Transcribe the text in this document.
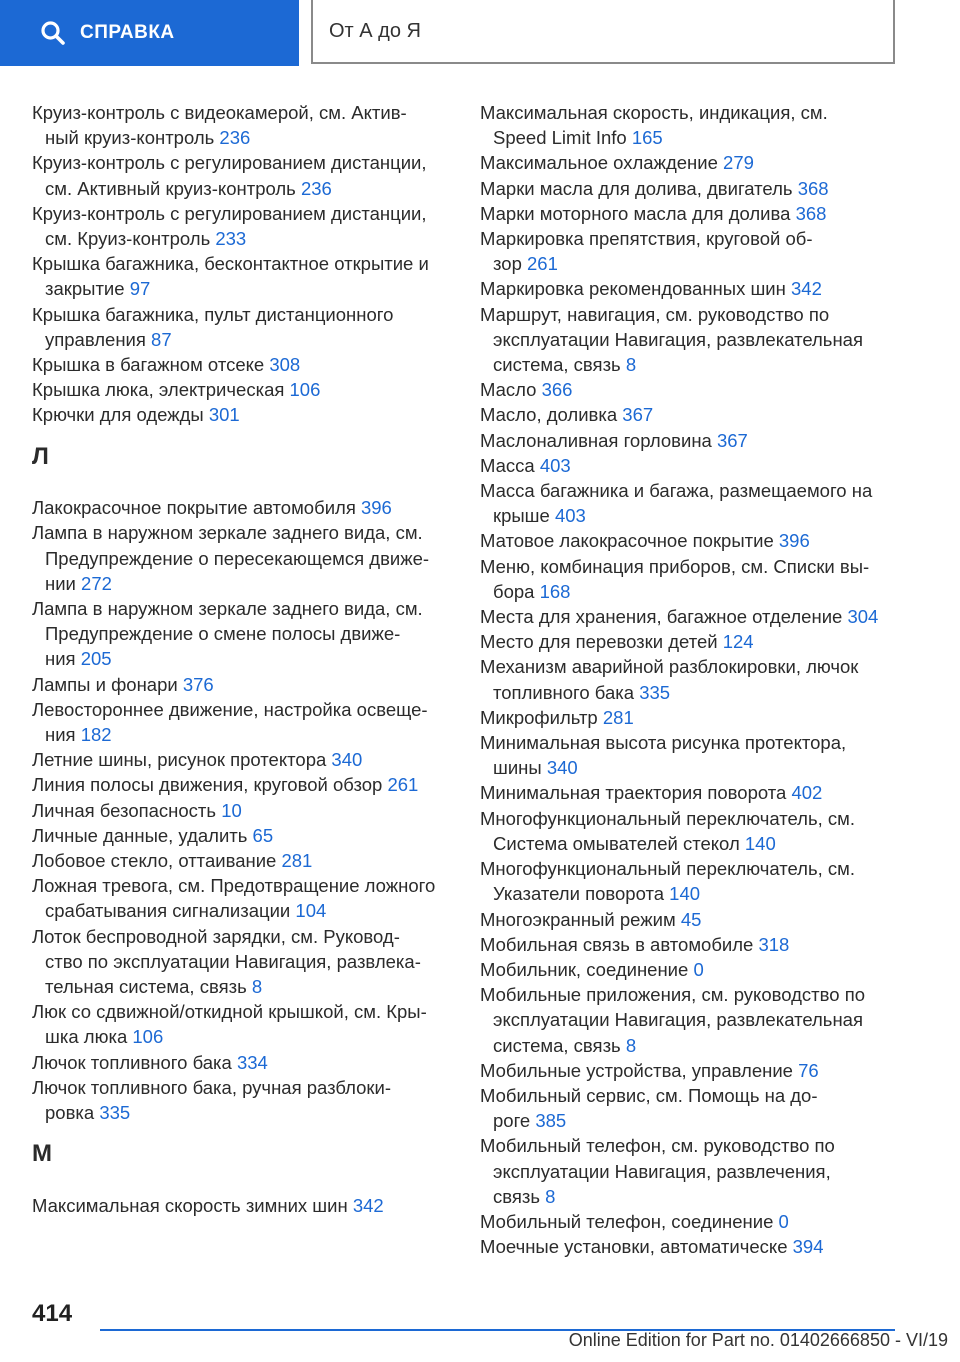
СПРАВКА	От А до Я
Круиз-контроль с видеокамерой, см. Актив-
ный круиз-контроль 236
Круиз-контроль с регулированием дистанции,
см. Активный круиз-контроль 236
Круиз-контроль с регулированием дистанции,
см. Круиз-контроль 233
Крышка багажника, бесконтактное открытие и
закрытие 97
Крышка багажника, пульт дистанционного
управления 87
Крышка в багажном отсеке 308
Крышка люка, электрическая 106
Крючки для одежды 301
Л
Лакокрасочное покрытие автомобиля 396
Лампа в наружном зеркале заднего вида, см.
Предупреждение о пересекающемся движе-
нии 272
Лампа в наружном зеркале заднего вида, см.
Предупреждение о смене полосы движе-
ния 205
Лампы и фонари 376
Левостороннее движение, настройка освеще-
ния 182
Летние шины, рисунок протектора 340
Линия полосы движения, круговой обзор 261
Личная безопасность 10
Личные данные, удалить 65
Лобовое стекло, оттаивание 281
Ложная тревога, см. Предотвращение ложного
срабатывания сигнализации 104
Лоток беспроводной зарядки, см. Руковод-
ство по эксплуатации Навигация, развлека-
тельная система, связь 8
Люк со сдвижной/откидной крышкой, см. Кры-
шка люка 106
Лючок топливного бака 334
Лючок топливного бака, ручная разблоки-
ровка 335
М
Максимальная скорость зимних шин 342
Максимальная скорость, индикация, см.
Speed Limit Info 165
Максимальное охлаждение 279
Марки масла для долива, двигатель 368
Марки моторного масла для долива 368
Маркировка препятствия, круговой об-
зор 261
Маркировка рекомендованных шин 342
Маршрут, навигация, см. руководство по
эксплуатации Навигация, развлекательная
система, связь 8
Масло 366
Масло, доливка 367
Маслоналивная горловина 367
Масса 403
Масса багажника и багажа, размещаемого на
крыше 403
Матовое лакокрасочное покрытие 396
Меню, комбинация приборов, см. Списки вы-
бора 168
Места для хранения, багажное отделение 304
Место для перевозки детей 124
Механизм аварийной разблокировки, лючок
топливного бака 335
Микрофильтр 281
Минимальная высота рисунка протектора,
шины 340
Минимальная траектория поворота 402
Многофункциональный переключатель, см.
Система омывателей стекол 140
Многофункциональный переключатель, см.
Указатели поворота 140
Многоэкранный режим 45
Мобильная связь в автомобиле 318
Мобильник, соединение 0
Мобильные приложения, см. руководство по
эксплуатации Навигация, развлекательная
система, связь 8
Мобильные устройства, управление 76
Мобильный сервис, см. Помощь на до-
роге 385
Мобильный телефон, см. руководство по
эксплуатации Навигация, развлечения,
связь 8
Мобильный телефон, соединение 0
Моечные установки, автоматическе 394
414
Online Edition for Part no. 01402666850 - VI/19
